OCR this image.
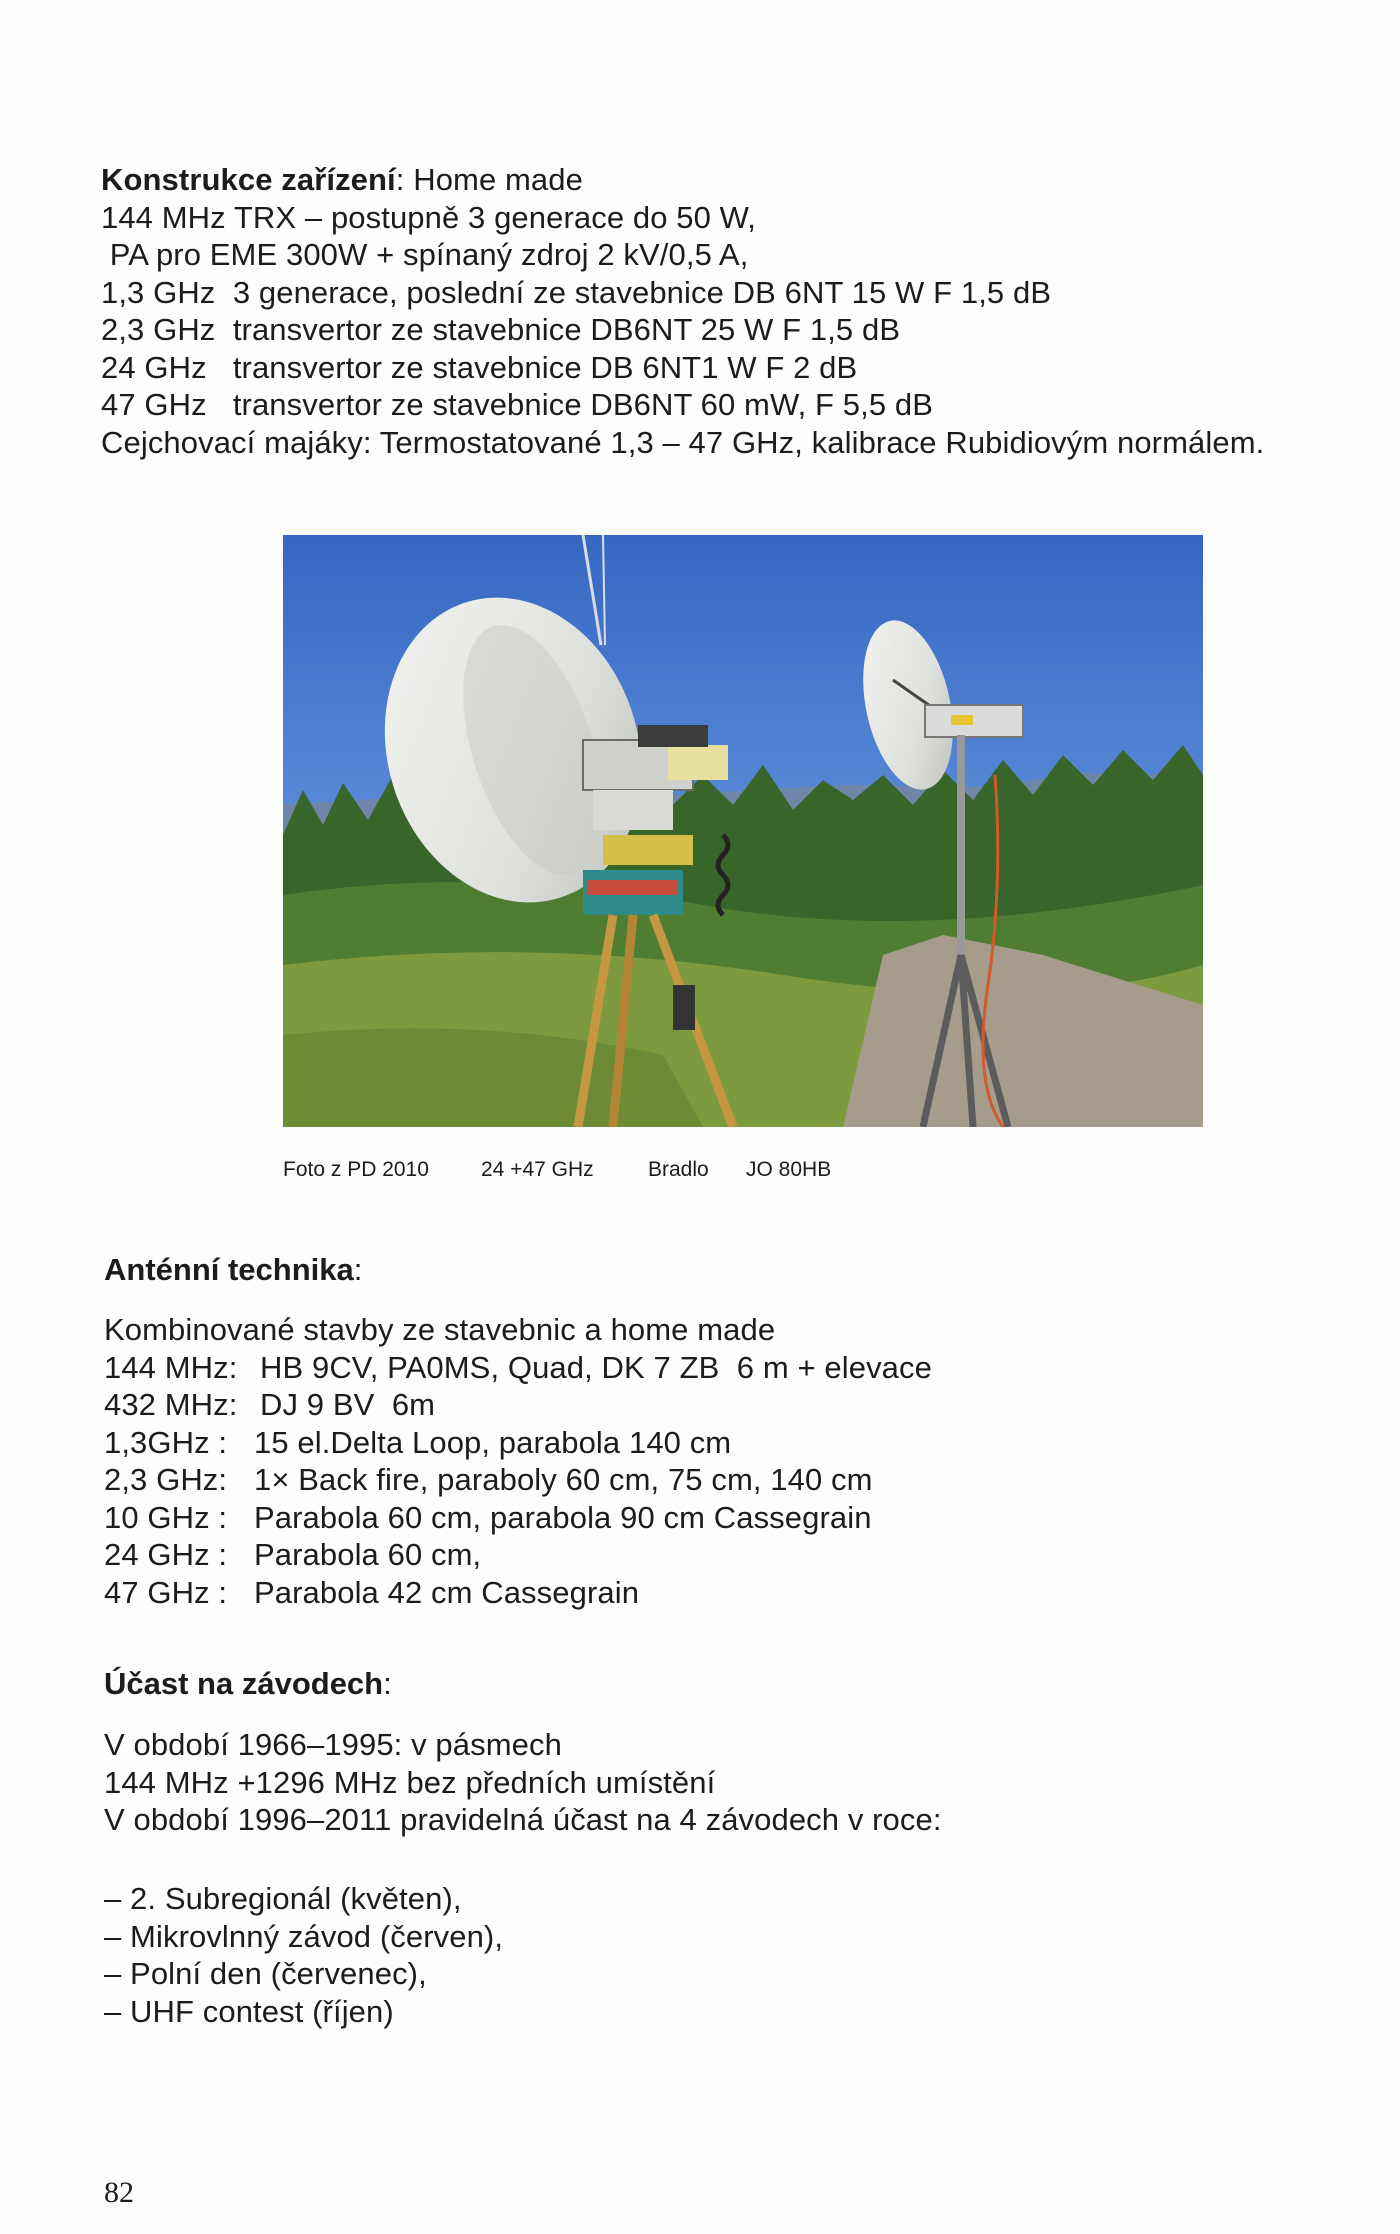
Konstrukce zařízení: Home made
144 MHz TRX – postupně 3 generace do 50 W,
PA pro EME 300W + spínaný zdroj 2 kV/0,5 A,
1,3 GHz  3 generace, poslední ze stavebnice DB 6NT 15 W F 1,5 dB
2,3 GHz  transvertor ze stavebnice DB6NT 25 W F 1,5 dB
24 GHz   transvertor ze stavebnice DB 6NT1 W F 2 dB
47 GHz   transvertor ze stavebnice DB6NT 60 mW, F 5,5 dB
Cejchovací majáky: Termostatované 1,3 – 47 GHz, kalibrace Rubidiovým normálem.

Foto z PD 2010

24 +47 GHz

	Bradlo

JO 80HB

Anténní technika:
Kombinované stavby ze stavebnic a home made
144 MHz: HB 9CV, PA0MS, Quad, DK 7 ZB  6 m + elevace
432 MHz: DJ 9 BV  6m
1,3GHz : 15 el.Delta Loop, parabola 140 cm
2,3 GHz: 1× Back fire, paraboly 60 cm, 75 cm, 140 cm
10 GHz : Parabola 60 cm, parabola 90 cm Cassegrain
24 GHz : Parabola 60 cm,
47 GHz : Parabola 42 cm Cassegrain
Účast na závodech:
V období 1966–1995: v pásmech
144 MHz +1296 MHz bez předních umístění
V období 1996–2011 pravidelná účast na 4 závodech v roce:
– 2. Subregionál (květen),
– Mikrovlnný závod (červen),
– Polní den (červenec),
– UHF contest (říjen)
82
